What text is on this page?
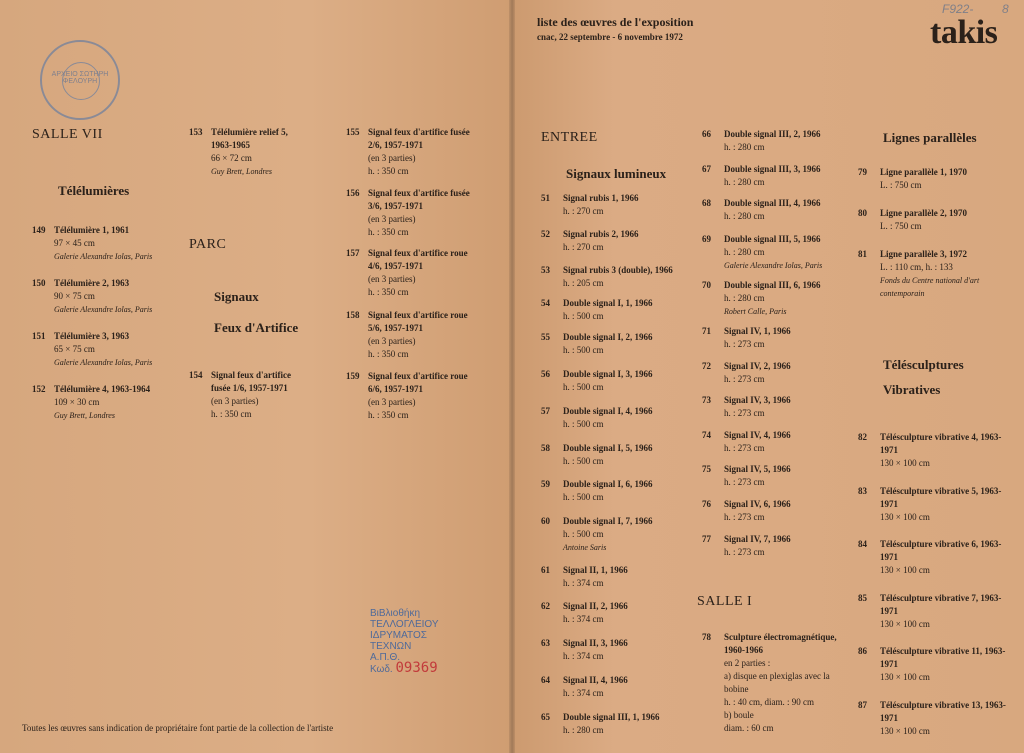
ΑΡΧΕΙΟ ΣΩΤΗΡΗ ΦΕΛΟΥΡΗ
liste des œuvres de l'exposition
cnac, 22 septembre - 6 novembre 1972	takis
F922- 8
SALLE VII
Télélumières
PARC
Signaux
Feux d'Artifice
ENTREE
Signaux lumineux
SALLE I
Lignes parallèles
Télésculptures
Vibratives
149 Télélumière 1, 1961
97 × 45 cm
Galerie Alexandre Iolas, Paris
150 Télélumière 2, 1963
90 × 75 cm
Galerie Alexandre Iolas, Paris
151 Télélumière 3, 1963
65 × 75 cm
Galerie Alexandre Iolas, Paris
152 Télélumière 4, 1963-1964
109 × 30 cm
Guy Brett, Londres
153 Télélumière relief 5, 1963-1965
66 × 72 cm
Guy Brett, Londres
154 Signal feux d'artifice fusée 1/6, 1957-1971
(en 3 parties)
h. : 350 cm
155 Signal feux d'artifice fusée 2/6, 1957-1971
(en 3 parties)
h. : 350 cm
156 Signal feux d'artifice fusée 3/6, 1957-1971
(en 3 parties)
h. : 350 cm
157 Signal feux d'artifice roue 4/6, 1957-1971
(en 3 parties)
h. : 350 cm
158 Signal feux d'artifice roue 5/6, 1957-1971
(en 3 parties)
h. : 350 cm
159 Signal feux d'artifice roue 6/6, 1957-1971
(en 3 parties)
h. : 350 cm
51 Signal rubis 1, 1966
h. : 270 cm
52 Signal rubis 2, 1966
h. : 270 cm
53 Signal rubis 3 (double), 1966
h. : 205 cm
54 Double signal I, 1, 1966
h. : 500 cm
55 Double signal I, 2, 1966
h. : 500 cm
56 Double signal I, 3, 1966
h. : 500 cm
57 Double signal I, 4, 1966
h. : 500 cm
58 Double signal I, 5, 1966
h. : 500 cm
59 Double signal I, 6, 1966
h. : 500 cm
60 Double signal I, 7, 1966
h. : 500 cm
Antoine Saris
61 Signal II, 1, 1966
h. : 374 cm
62 Signal II, 2, 1966
h. : 374 cm
63 Signal II, 3, 1966
h. : 374 cm
64 Signal II, 4, 1966
h. : 374 cm
65 Double signal III, 1, 1966
h. : 280 cm
66 Double signal III, 2, 1966
h. : 280 cm
67 Double signal III, 3, 1966
h. : 280 cm
68 Double signal III, 4, 1966
h. : 280 cm
69 Double signal III, 5, 1966
h. : 280 cm
Galerie Alexandre Iolas, Paris
70 Double signal III, 6, 1966
h. : 280 cm
Robert Calle, Paris
71 Signal IV, 1, 1966
h. : 273 cm
72 Signal IV, 2, 1966
h. : 273 cm
73 Signal IV, 3, 1966
h. : 273 cm
74 Signal IV, 4, 1966
h. : 273 cm
75 Signal IV, 5, 1966
h. : 273 cm
76 Signal IV, 6, 1966
h. : 273 cm
77 Signal IV, 7, 1966
h. : 273 cm
78 Sculpture électromagnétique, 1960-1966
en 2 parties :
a) disque en plexiglas avec la bobine
h. : 40 cm, diam. : 90 cm
b) boule
diam. : 60 cm
79 Ligne parallèle 1, 1970
L. : 750 cm
80 Ligne parallèle 2, 1970
L. : 750 cm
81 Ligne parallèle 3, 1972
L. : 110 cm, h. : 133
Fonds du Centre national d'art contemporain
82 Télésculpture vibrative 4, 1963-1971
130 × 100 cm
83 Télésculpture vibrative 5, 1963-1971
130 × 100 cm
84 Télésculpture vibrative 6, 1963-1971
130 × 100 cm
85 Télésculpture vibrative 7, 1963-1971
130 × 100 cm
86 Télésculpture vibrative 11, 1963-1971
130 × 100 cm
87 Télésculpture vibrative 13, 1963-1971
130 × 100 cm
ΒιΒλιοθήκη
ΤΕΛΛΟΓΛΕΙΟΥ
ΙΔΡΥΜΑΤΟΣ
ΤΕΧΝΩΝ
Α.Π.Θ.
Κωδ. 09369
Toutes les œuvres sans indication de propriétaire font partie de la collection de l'artiste
